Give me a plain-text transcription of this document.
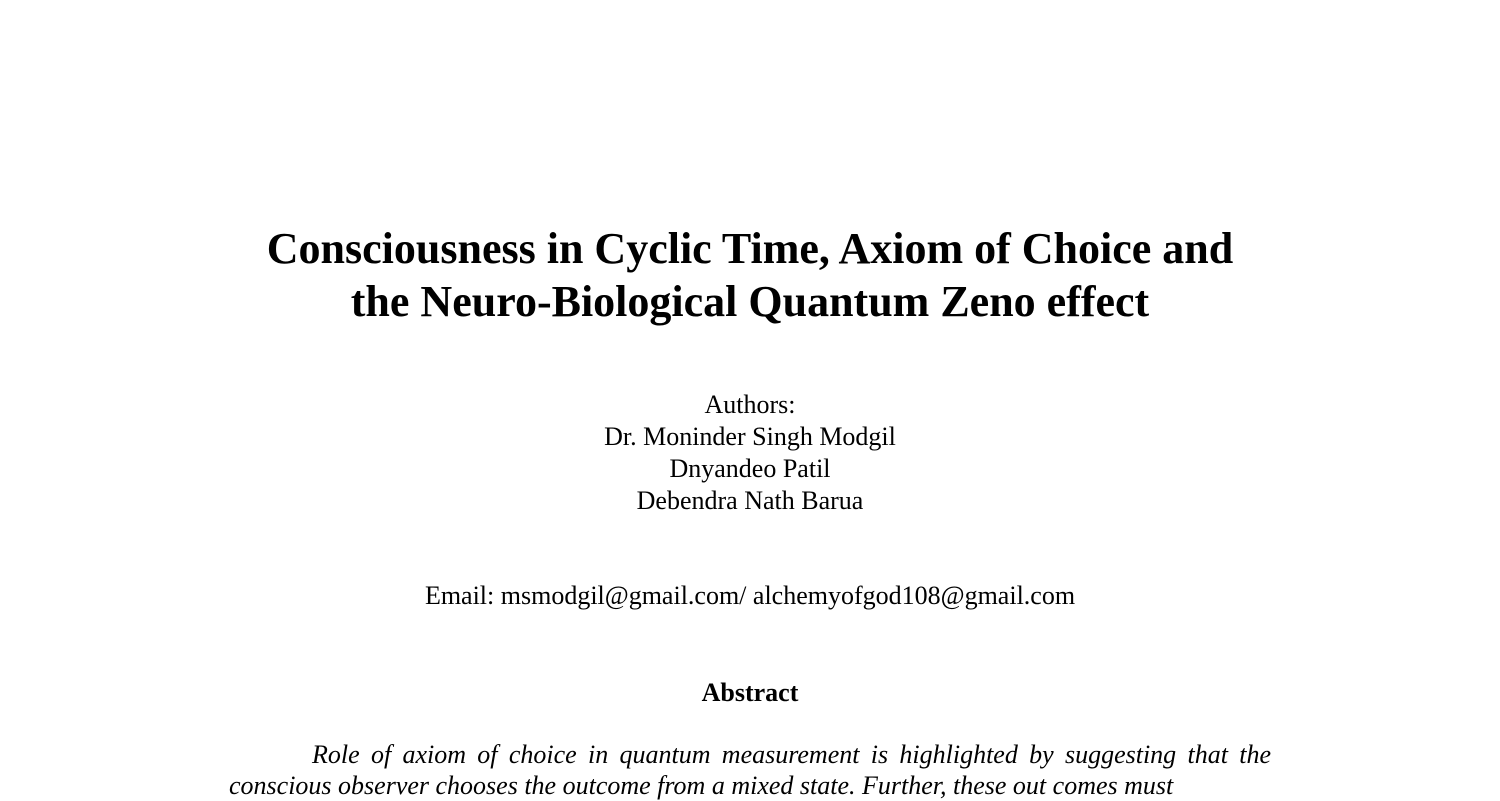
Consciousness in Cyclic Time, Axiom of Choice and
the Neuro-Biological Quantum Zeno effect
Authors:
Dr. Moninder Singh Modgil
Dnyandeo Patil
Debendra Nath Barua
Email: msmodgil@gmail.com/ alchemyofgod108@gmail.com
Abstract

Role of axiom of choice in quantum measurement is highlighted by suggesting that the conscious observer chooses the outcome from a mixed state. Further, these out comes must
